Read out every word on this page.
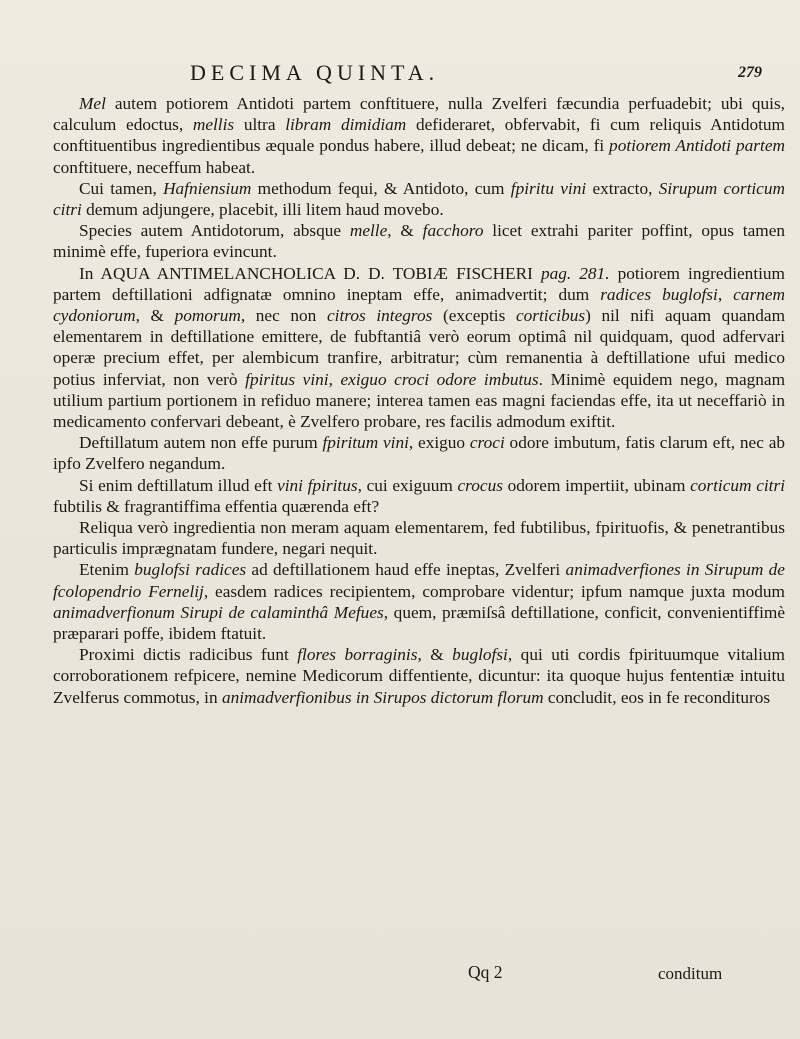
DECIMA QUINTA.	279

Mel autem potiorem Antidoti partem conftituere, nulla Zvelferi fæcundia perfuadebit; ubi quis, calculum edoctus, mellis ultra libram dimidiam defideraret, obfervabit, fi cum reliquis Antidotum conftituentibus ingredientibus æquale pondus habere, illud debeat; ne dicam, fi potiorem Antidoti partem conftituere, neceffum habeat.

Cui tamen, Hafniensium methodum fequi, & Antidoto, cum fpiritu vini extracto, Sirupum corticum citri demum adjungere, placebit, illi litem haud movebo.

Species autem Antidotorum, absque melle, & facchoro licet extrahi pariter poffint, opus tamen minimè effe, fuperiora evincunt.

In AQUA ANTIMELANCHOLICA D. D. TOBIÆ FISCHERI pag. 281. potiorem ingredientium partem deftillationi adfignatæ omnino ineptam effe, animadvertit; dum radices buglofsi, carnem cydoniorum, & pomorum, nec non citros integros (exceptis corticibus) nil nifi aquam quandam elementarem in deftillatione emittere, de fubftantiâ verò eorum optimâ nil quidquam, quod adfervari operæ precium effet, per alembicum tranfire, arbitratur; cùm remanentia à deftillatione ufui medico potius inferviat, non verò fpiritus vini, exiguo croci odore imbutus. Minimè equidem nego, magnam utilium partium portionem in refiduo manere; interea tamen eas magni faciendas effe, ita ut neceffariò in medicamento confervari debeant, è Zvelfero probare, res facilis admodum exiftit.

Deftillatum autem non effe purum fpiritum vini, exiguo croci odore imbutum, fatis clarum eft, nec ab ipfo Zvelfero negandum.

Si enim deftillatum illud eft vini fpiritus, cui exiguum crocus odorem impertiit, ubinam corticum citri fubtilis & fragrantiffima effentia quærenda eft?

Reliqua verò ingredientia non meram aquam elementarem, fed fubtilibus, fpirituofis, & penetrantibus particulis imprægnatam fundere, negari nequit.

Etenim buglofsi radices ad deftillationem haud effe ineptas, Zvelferi animadverfiones in Sirupum de fcolopendrio Fernelij, easdem radices recipientem, comprobare videntur; ipfum namque juxta modum animadverfionum Sirupi de calaminthâ Mefues, quem, præmiſsâ deftillatione, conficit, convenientiffimè præparari poffe, ibidem ftatuit.

Proximi dictis radicibus funt flores borraginis, & buglofsi, qui uti cordis fpirituumque vitalium corroborationem refpicere, nemine Medicorum diffentiente, dicuntur: ita quoque hujus fententiæ intuitu Zvelferus commotus, in animadverfionibus in Sirupos dictorum florum concludit, eos in fe recondituros

Qq 2	conditum
